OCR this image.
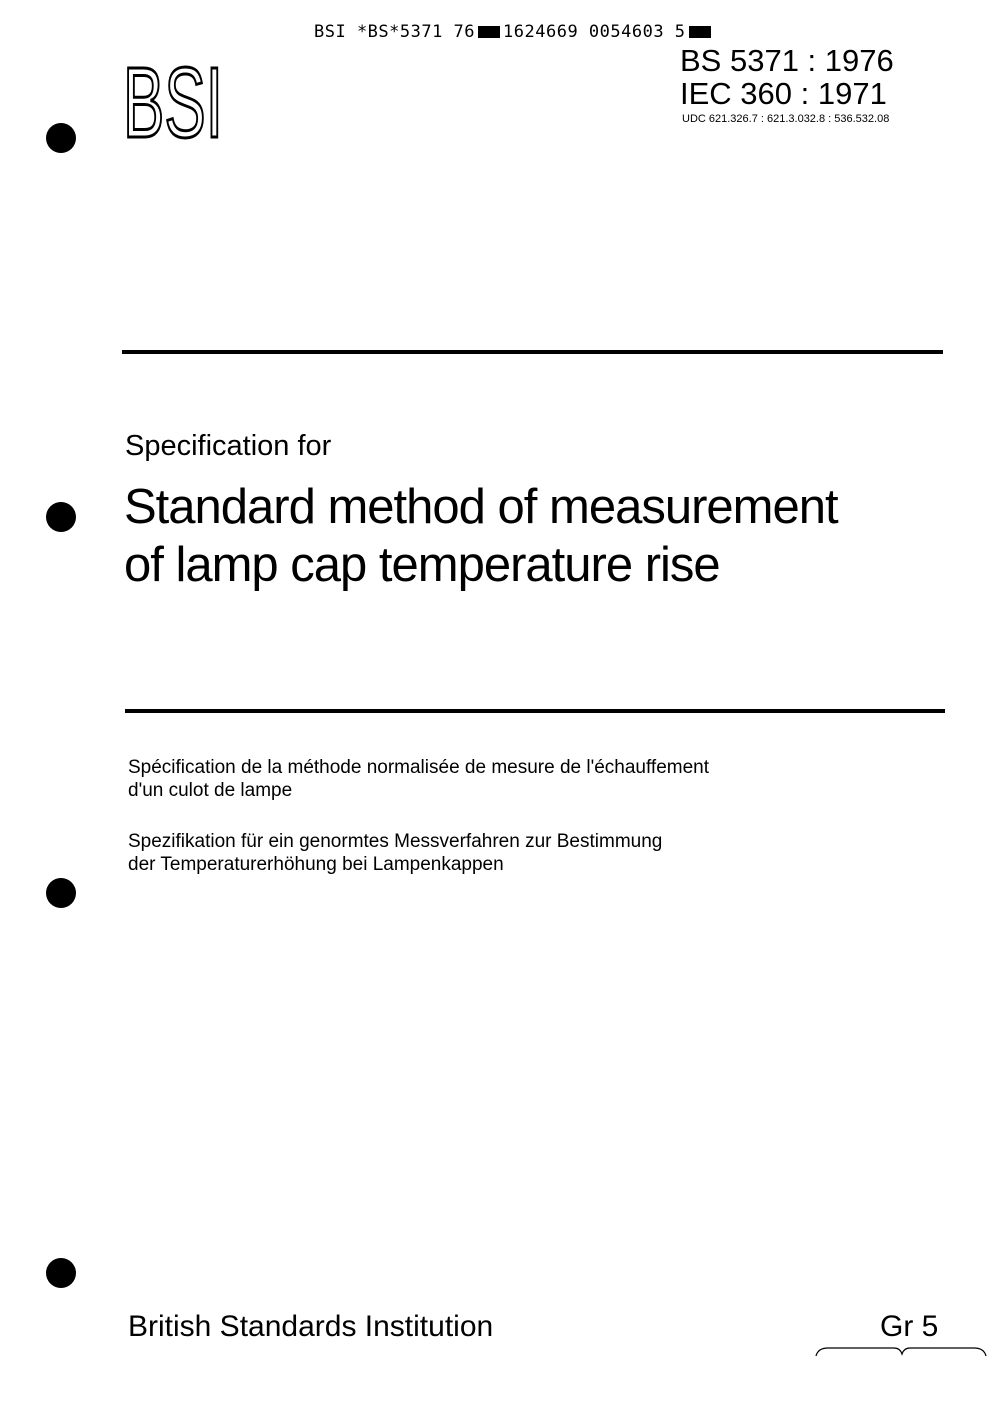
BSI *BS*5371 76 1624669 0054603 5
BSI	BS 5371 : 1976
IEC 360 : 1971
UDC 621.326.7 : 621.3.032.8 : 536.532.08
Specification for
Standard method of measurement
of lamp cap temperature rise
Spécification de la méthode normalisée de mesure de l'échauffement
d'un culot de lampe
Spezifikation für ein genormtes Messverfahren zur Bestimmung
der Temperaturerhöhung bei Lampenkappen
British Standards Institution	Gr 5
